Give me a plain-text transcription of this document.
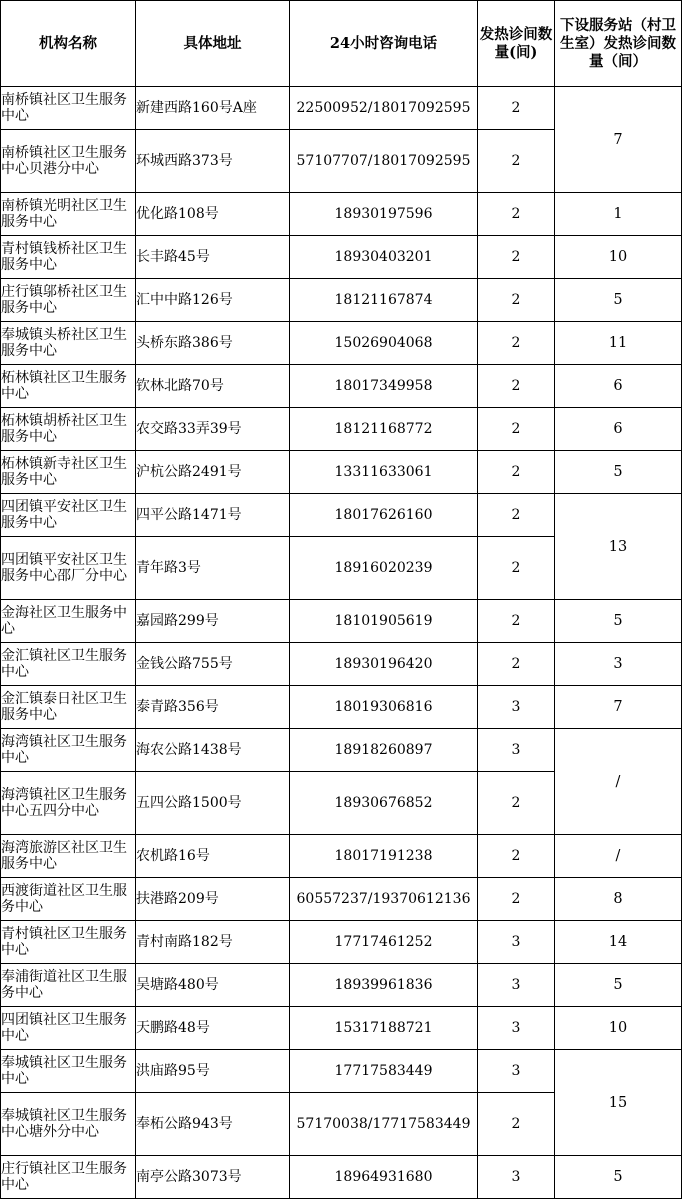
机构名称	具体地址	24小时咨询电话	发热诊间数量(间)	下设服务站（村卫生室）发热诊间数量（间）
南桥镇社区卫生服务中心	新建西路160号A座	22500952/18017092595	2	7
南桥镇社区卫生服务中心贝港分中心	环城西路373号	57107707/18017092595	2	
南桥镇光明社区卫生服务中心	优化路108号	18930197596	2	1
青村镇钱桥社区卫生服务中心	长丰路45号	18930403201	2	10
庄行镇邬桥社区卫生服务中心	汇中中路126号	18121167874	2	5
奉城镇头桥社区卫生服务中心	头桥东路386号	15026904068	2	11
柘林镇社区卫生服务中心	钦林北路70号	18017349958	2	6
柘林镇胡桥社区卫生服务中心	农交路33弄39号	18121168772	2	6
柘林镇新寺社区卫生服务中心	沪杭公路2491号	13311633061	2	5
四团镇平安社区卫生服务中心	四平公路1471号	18017626160	2	13
四团镇平安社区卫生服务中心邵厂分中心	青年路3号	18916020239	2	
金海社区卫生服务中心	嘉园路299号	18101905619	2	5
金汇镇社区卫生服务中心	金钱公路755号	18930196420	2	3
金汇镇泰日社区卫生服务中心	泰青路356号	18019306816	3	7
海湾镇社区卫生服务中心	海农公路1438号	18918260897	3	/
海湾镇社区卫生服务中心五四分中心	五四公路1500号	18930676852	2	
海湾旅游区社区卫生服务中心	农机路16号	18017191238	2	/
西渡街道社区卫生服务中心	扶港路209号	60557237/19370612136	2	8
青村镇社区卫生服务中心	青村南路182号	17717461252	3	14
奉浦街道社区卫生服务中心	吴塘路480号	18939961836	3	5
四团镇社区卫生服务中心	天鹏路48号	15317188721	3	10
奉城镇社区卫生服务中心	洪庙路95号	17717583449	3	15
奉城镇社区卫生服务中心塘外分中心	奉柘公路943号	57170038/17717583449	2	
庄行镇社区卫生服务中心	南亭公路3073号	18964931680	3	5
